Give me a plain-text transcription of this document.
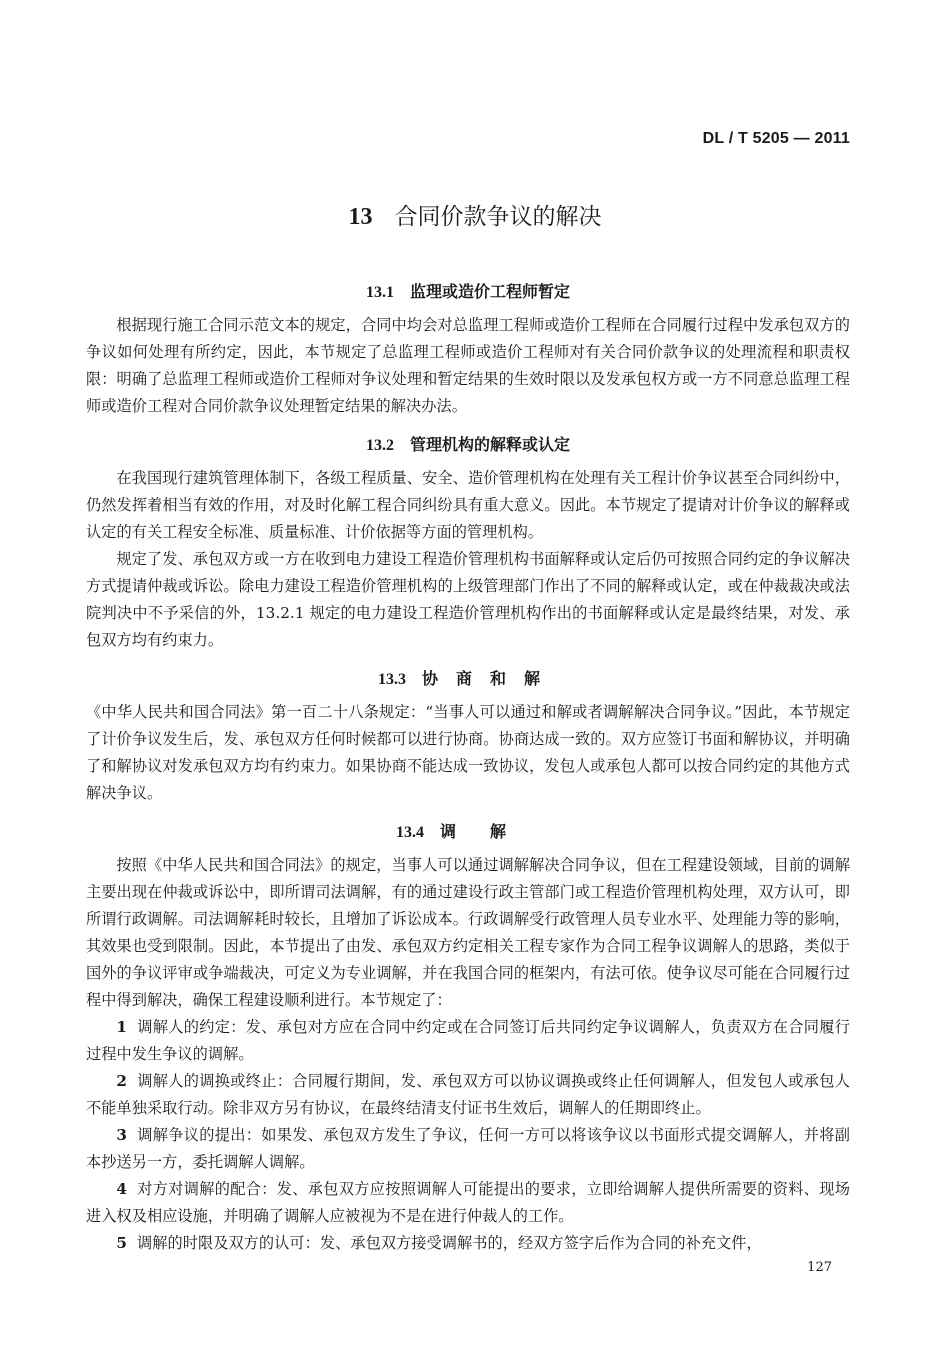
DL / T 5205 — 2011
13 合同价款争议的解决
13.1 监理或造价工程师暂定

根据现行施工合同示范文本的规定，合同中均会对总监理工程师或造价工程师在合同履行过程中发承包双方的争议如何处理有所约定，因此，本节规定了总监理工程师或造价工程师对有关合同价款争议的处理流程和职责权限：明确了总监理工程师或造价工程师对争议处理和暂定结果的生效时限以及发承包权方或一方不同意总监理工程师或造价工程对合同价款争议处理暂定结果的解决办法。

13.2 管理机构的解释或认定

在我国现行建筑管理体制下，各级工程质量、安全、造价管理机构在处理有关工程计价争议甚至合同纠纷中，仍然发挥着相当有效的作用，对及时化解工程合同纠纷具有重大意义。因此。本节规定了提请对计价争议的解释或认定的有关工程安全标准、质量标准、计价依据等方面的管理机构。

规定了发、承包双方或一方在收到电力建设工程造价管理机构书面解释或认定后仍可按照合同约定的争议解决方式提请仲裁或诉讼。除电力建设工程造价管理机构的上级管理部门作出了不同的解释或认定，或在仲裁裁决或法院判决中不予采信的外，13.2.1 规定的电力建设工程造价管理机构作出的书面解释或认定是最终结果，对发、承包双方均有约束力。

13.3 协商和解

《中华人民共和国合同法》第一百二十八条规定：“当事人可以通过和解或者调解解决合同争议。”因此，本节规定了计价争议发生后，发、承包双方任何时候都可以进行协商。协商达成一致的。双方应签订书面和解协议，并明确了和解协议对发承包双方均有约束力。如果协商不能达成一致协议，发包人或承包人都可以按合同约定的其他方式解决争议。

13.4 调解

按照《中华人民共和国合同法》的规定，当事人可以通过调解解决合同争议，但在工程建设领域，目前的调解主要出现在仲裁或诉讼中，即所谓司法调解，有的通过建设行政主管部门或工程造价管理机构处理，双方认可，即所谓行政调解。司法调解耗时较长，且增加了诉讼成本。行政调解受行政管理人员专业水平、处理能力等的影响，其效果也受到限制。因此，本节提出了由发、承包双方约定相关工程专家作为合同工程争议调解人的思路，类似于国外的争议评审或争端裁决，可定义为专业调解，并在我国合同的框架内，有法可依。使争议尽可能在合同履行过程中得到解决，确保工程建设顺利进行。本节规定了：

1 调解人的约定：发、承包对方应在合同中约定或在合同签订后共同约定争议调解人，负责双方在合同履行过程中发生争议的调解。

2 调解人的调换或终止：合同履行期间，发、承包双方可以协议调换或终止任何调解人，但发包人或承包人不能单独采取行动。除非双方另有协议，在最终结清支付证书生效后，调解人的任期即终止。

3 调解争议的提出：如果发、承包双方发生了争议，任何一方可以将该争议以书面形式提交调解人，并将副本抄送另一方，委托调解人调解。

4 对方对调解的配合：发、承包双方应按照调解人可能提出的要求，立即给调解人提供所需要的资料、现场进入权及相应设施，并明确了调解人应被视为不是在进行仲裁人的工作。

5 调解的时限及双方的认可：发、承包双方接受调解书的，经双方签字后作为合同的补充文件，

127
